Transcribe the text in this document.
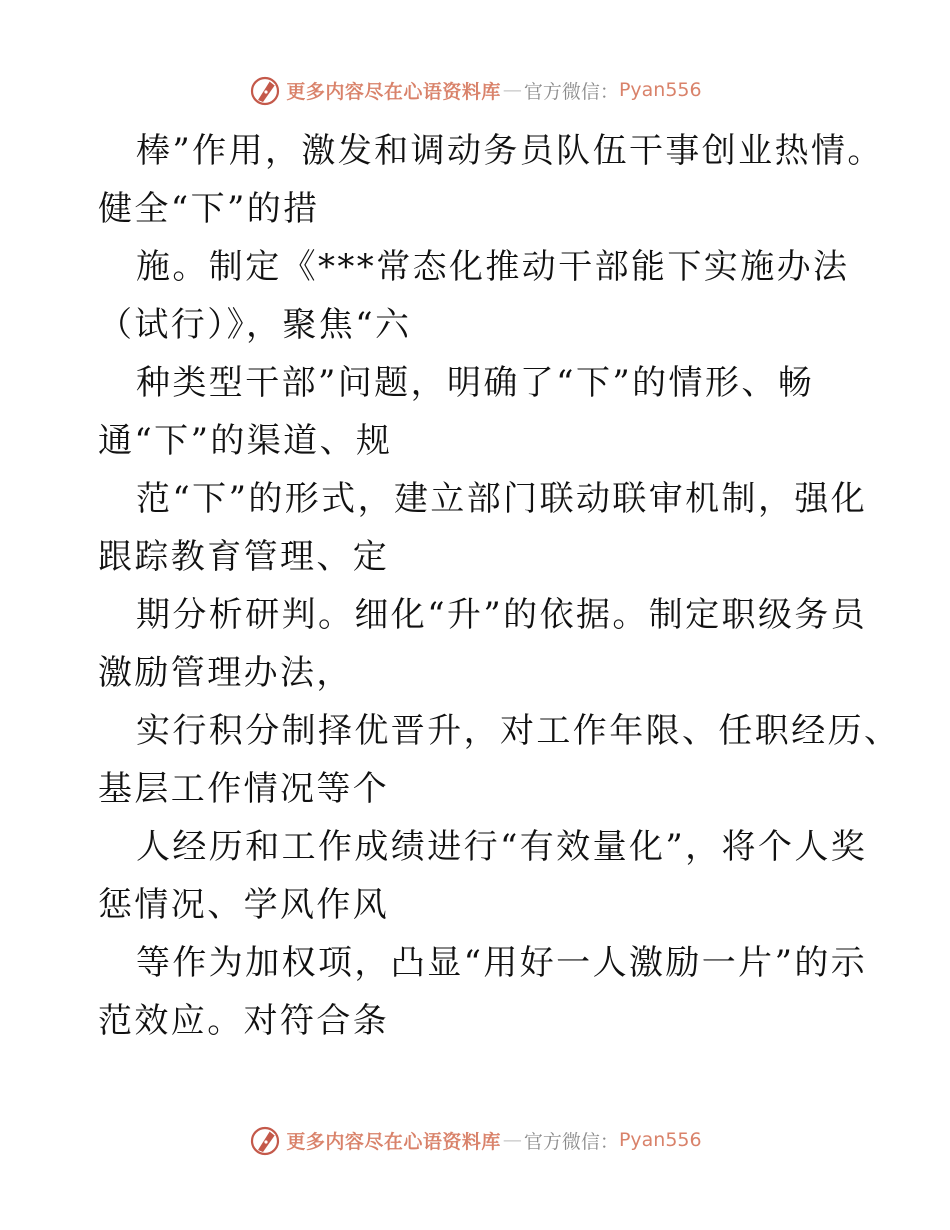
更多内容尽在心语资料库 — 官方微信： Pyan556
棒”作用，激发和调动务员队伍干事创业热情。
健全“下”的措
施。制定《***常态化推动干部能下实施办法
（试行）》，聚焦“六
种类型干部”问题，明确了“下”的情形、畅
通“下”的渠道、规
范“下”的形式，建立部门联动联审机制，强化
跟踪教育管理、定
期分析研判。细化“升”的依据。制定职级务员
激励管理办法，
实行积分制择优晋升，对工作年限、任职经历、
基层工作情况等个
人经历和工作成绩进行“有效量化”，将个人奖
惩情况、学风作风
等作为加权项，凸显“用好一人激励一片”的示
范效应。对符合条
更多内容尽在心语资料库 — 官方微信： Pyan556
